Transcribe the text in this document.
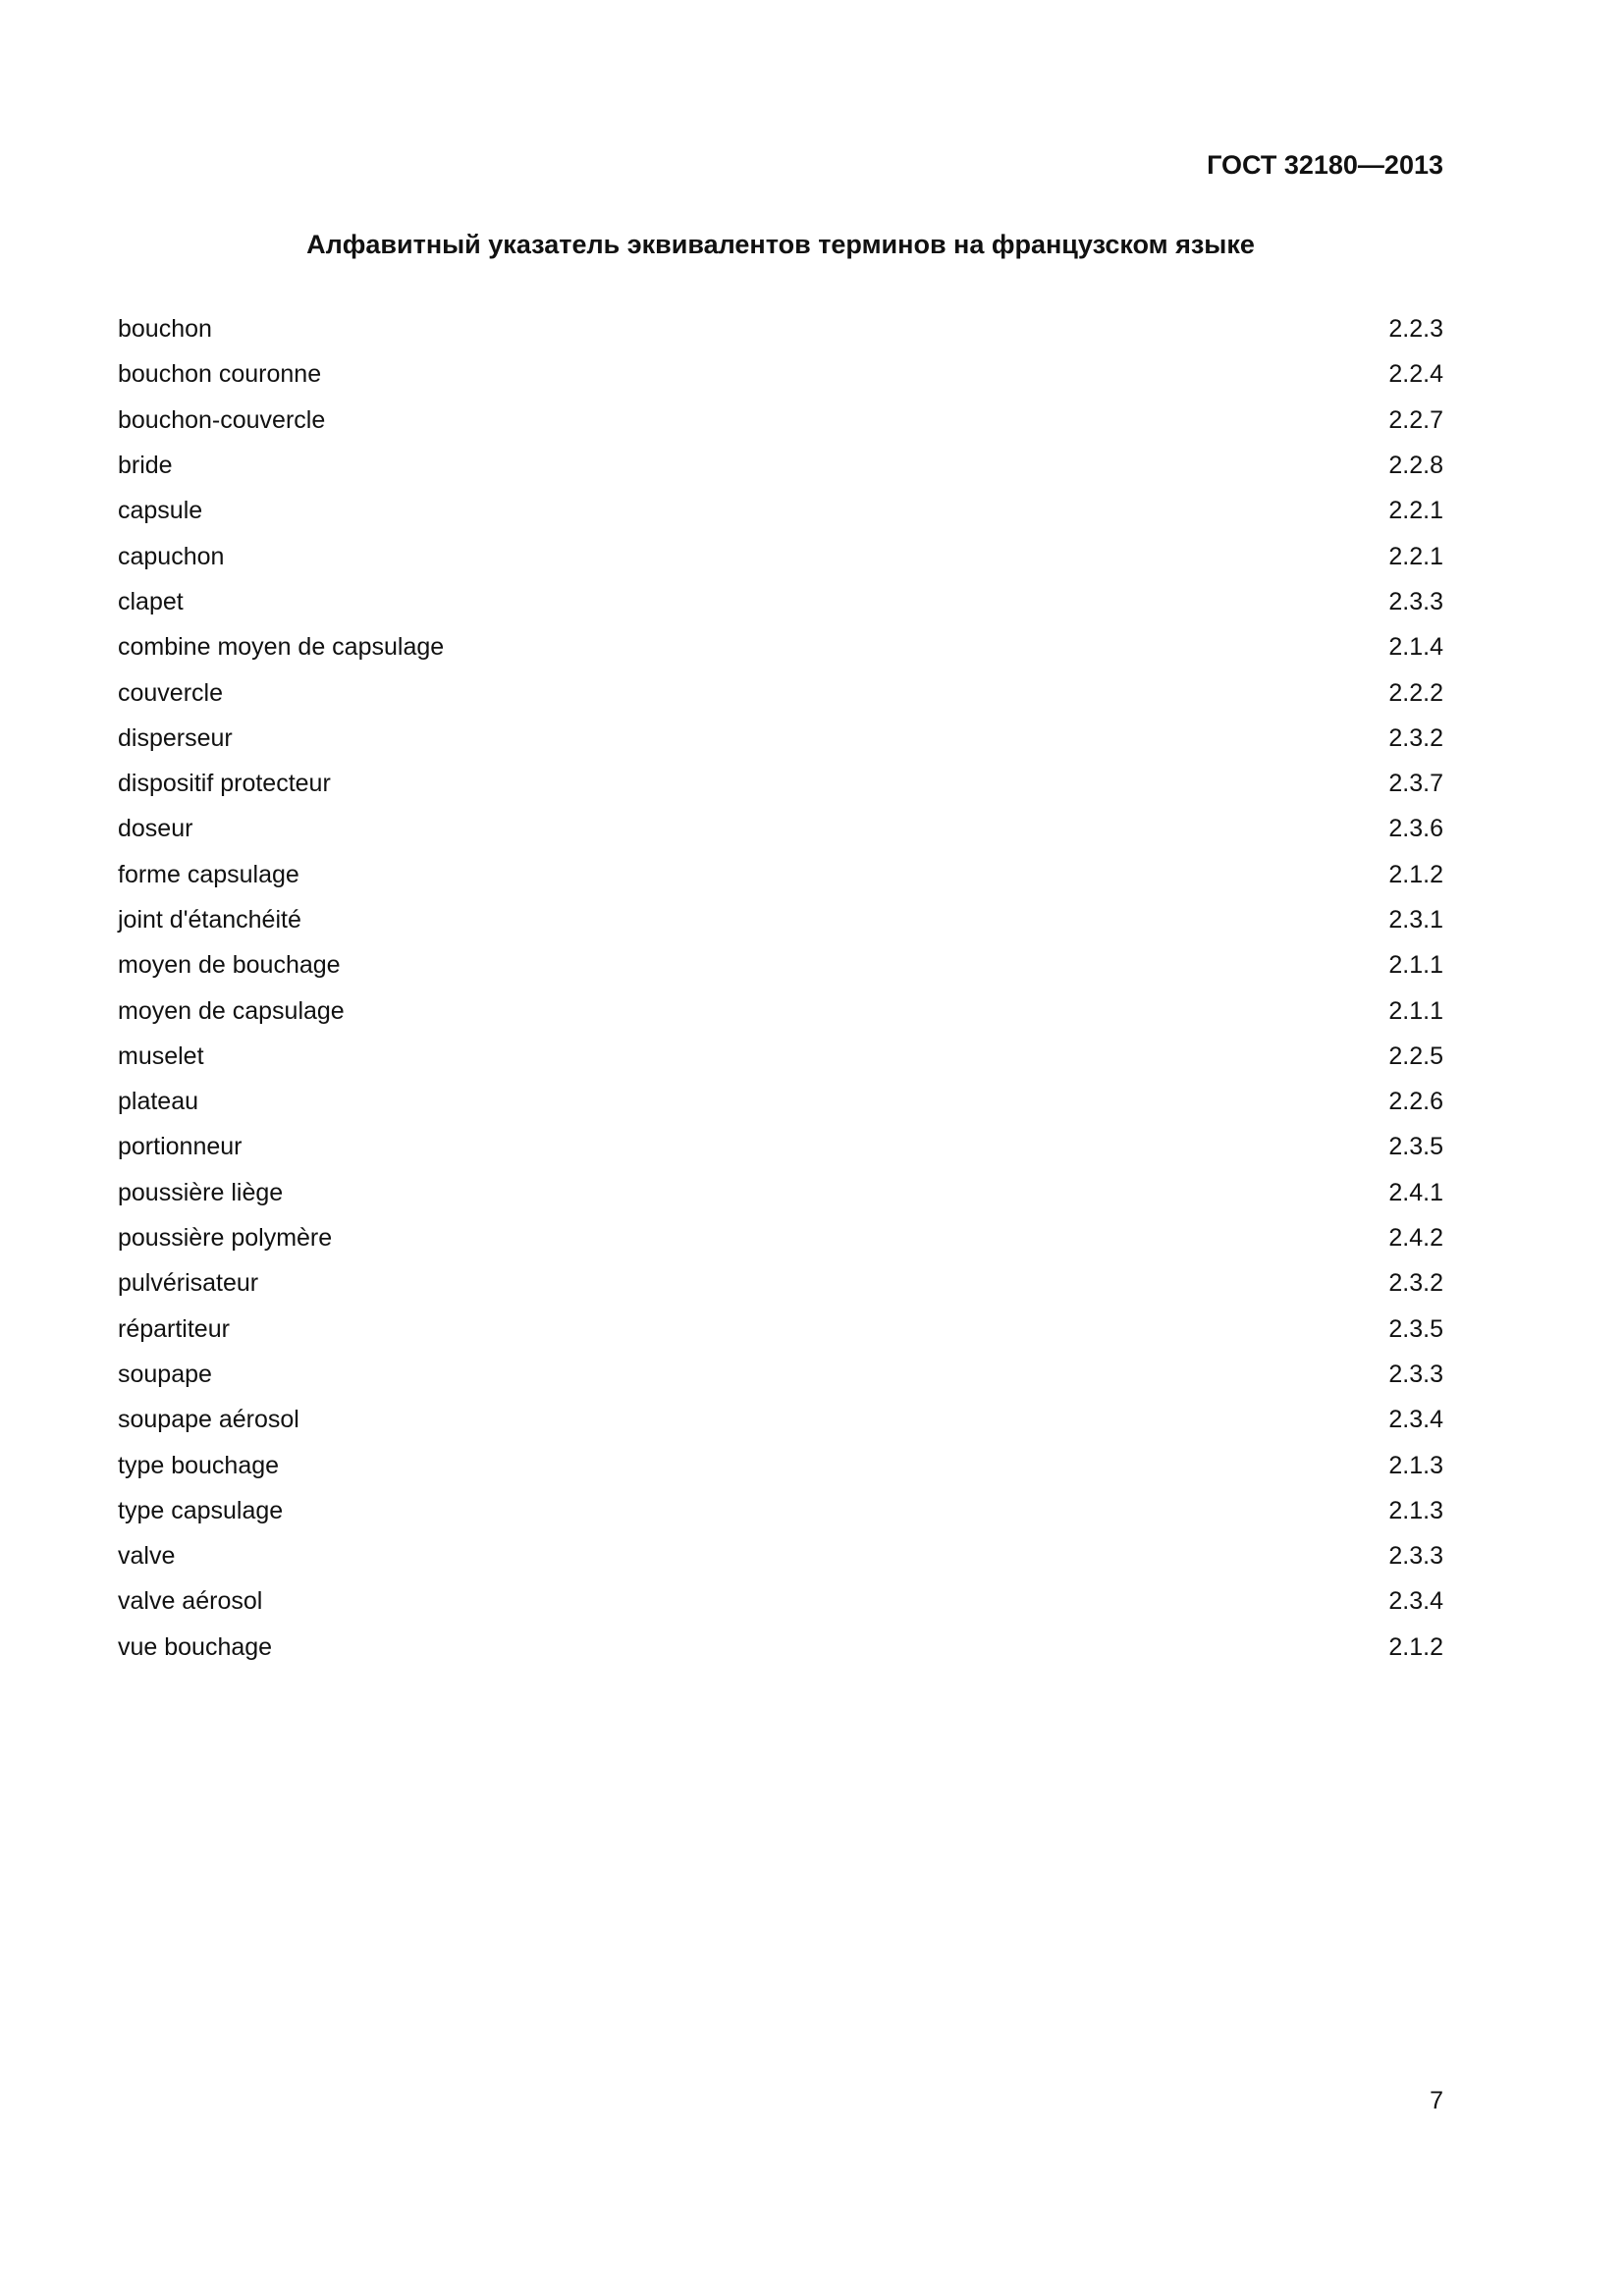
ГОСТ 32180—2013
Алфавитный указатель эквивалентов терминов на французском языке
bouchon	2.2.3
bouchon couronne	2.2.4
bouchon-couvercle	2.2.7
bride	2.2.8
capsule	2.2.1
capuchon	2.2.1
clapet	2.3.3
combine moyen de capsulage	2.1.4
couvercle	2.2.2
disperseur	2.3.2
dispositif protecteur	2.3.7
doseur	2.3.6
forme capsulage	2.1.2
joint d'étanchéité	2.3.1
moyen de bouchage	2.1.1
moyen de capsulage	2.1.1
muselet	2.2.5
plateau	2.2.6
portionneur	2.3.5
poussière liège	2.4.1
poussière polymère	2.4.2
pulvérisateur	2.3.2
répartiteur	2.3.5
soupape	2.3.3
soupape aérosol	2.3.4
type bouchage	2.1.3
type capsulage	2.1.3
valve	2.3.3
valve aérosol	2.3.4
vue bouchage	2.1.2
7
